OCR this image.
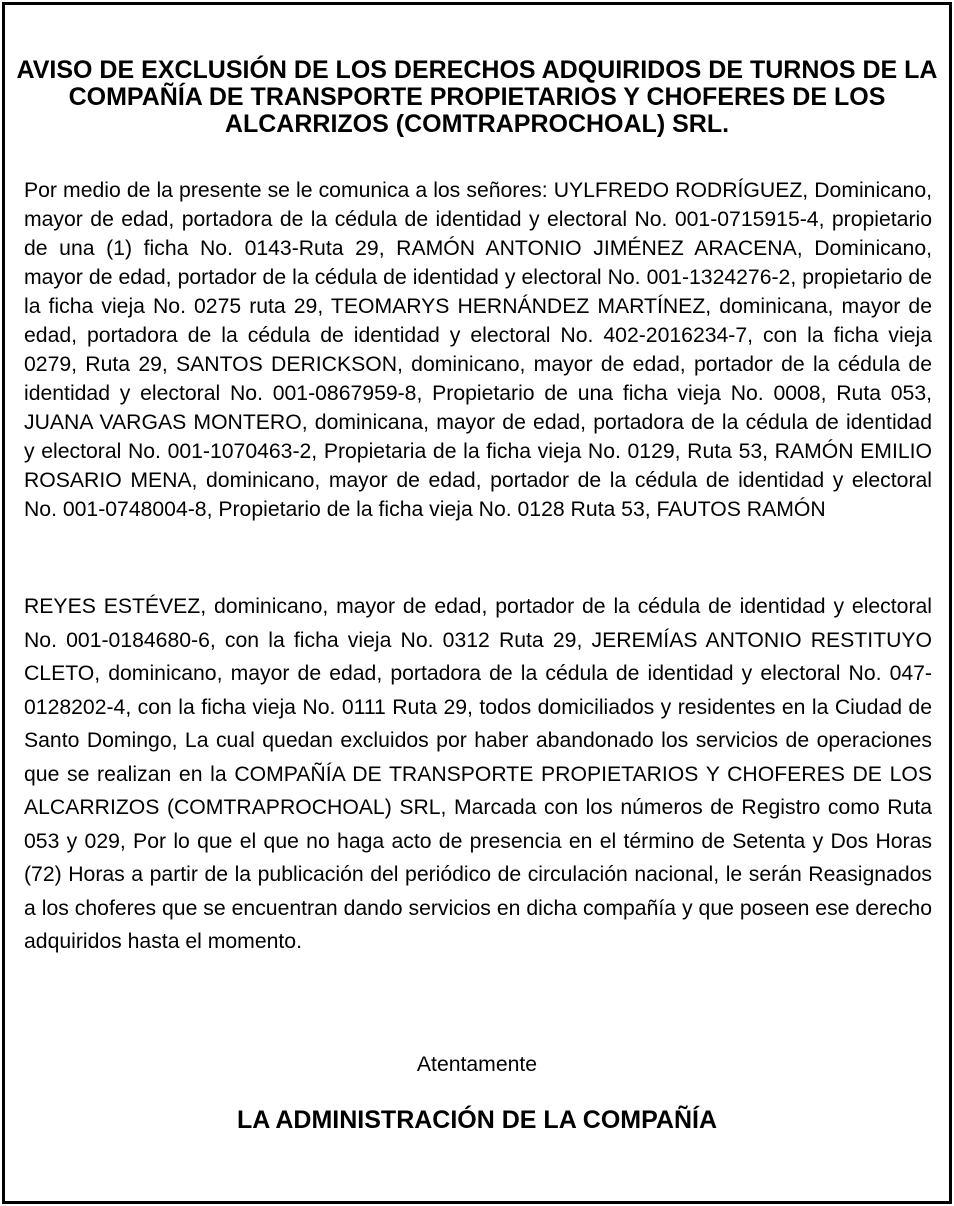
AVISO DE EXCLUSIÓN DE LOS DERECHOS ADQUIRIDOS DE TURNOS DE LA COMPAÑÍA DE TRANSPORTE PROPIETARIOS Y CHOFERES DE LOS ALCARRIZOS (COMTRAPROCHOAL) SRL.

Por medio de la presente se le comunica a los señores: UYLFREDO RODRÍGUEZ, Dominicano, mayor de edad, portadora de la cédula de identidad y electoral No. 001-0715915-4, propietario de una (1) ficha No. 0143-Ruta 29, RAMÓN ANTONIO JIMÉNEZ ARACENA, Dominicano, mayor de edad, portador de la cédula de identidad y electoral No. 001-1324276-2, propietario de la ficha vieja No. 0275 ruta 29, TEOMARYS HERNÁNDEZ MARTÍNEZ, dominicana, mayor de edad, portadora de la cédula de identidad y electoral No. 402-2016234-7, con la ficha vieja 0279, Ruta 29, SANTOS DERICKSON, dominicano, mayor de edad, portador de la cédula de identidad y electoral No. 001-0867959-8, Propietario de una ficha vieja No. 0008, Ruta 053, JUANA VARGAS MONTERO, dominicana, mayor de edad, portadora de la cédula de identidad y electoral No. 001-1070463-2, Propietaria de la ficha vieja No. 0129, Ruta 53, RAMÓN EMILIO ROSARIO MENA, dominicano, mayor de edad, portador de la cédula de identidad y electoral No. 001-0748004-8, Propietario de la ficha vieja No. 0128 Ruta 53, FAUTOS RAMÓN

REYES ESTÉVEZ, dominicano, mayor de edad, portador de la cédula de identidad y electoral No. 001-0184680-6, con la ficha vieja No. 0312 Ruta 29, JEREMÍAS ANTONIO RESTITUYO CLETO, dominicano, mayor de edad, portadora de la cédula de identidad y electoral No. 047-0128202-4, con la ficha vieja No. 0111 Ruta 29, todos domiciliados y residentes en la Ciudad de Santo Domingo, La cual quedan excluidos por haber abandonado los servicios de operaciones que se realizan en la COMPAÑÍA DE TRANSPORTE PROPIETARIOS Y CHOFERES DE LOS ALCARRIZOS (COMTRAPROCHOAL) SRL, Marcada con los números de Registro como Ruta 053 y 029, Por lo que el que no haga acto de presencia en el término de Setenta y Dos Horas (72) Horas a partir de la publicación del periódico de circulación nacional, le serán Reasignados a los choferes que se encuentran dando servicios en dicha compañía y que poseen ese derecho adquiridos hasta el momento.

Atentamente

LA ADMINISTRACIÓN DE LA COMPAÑÍA
